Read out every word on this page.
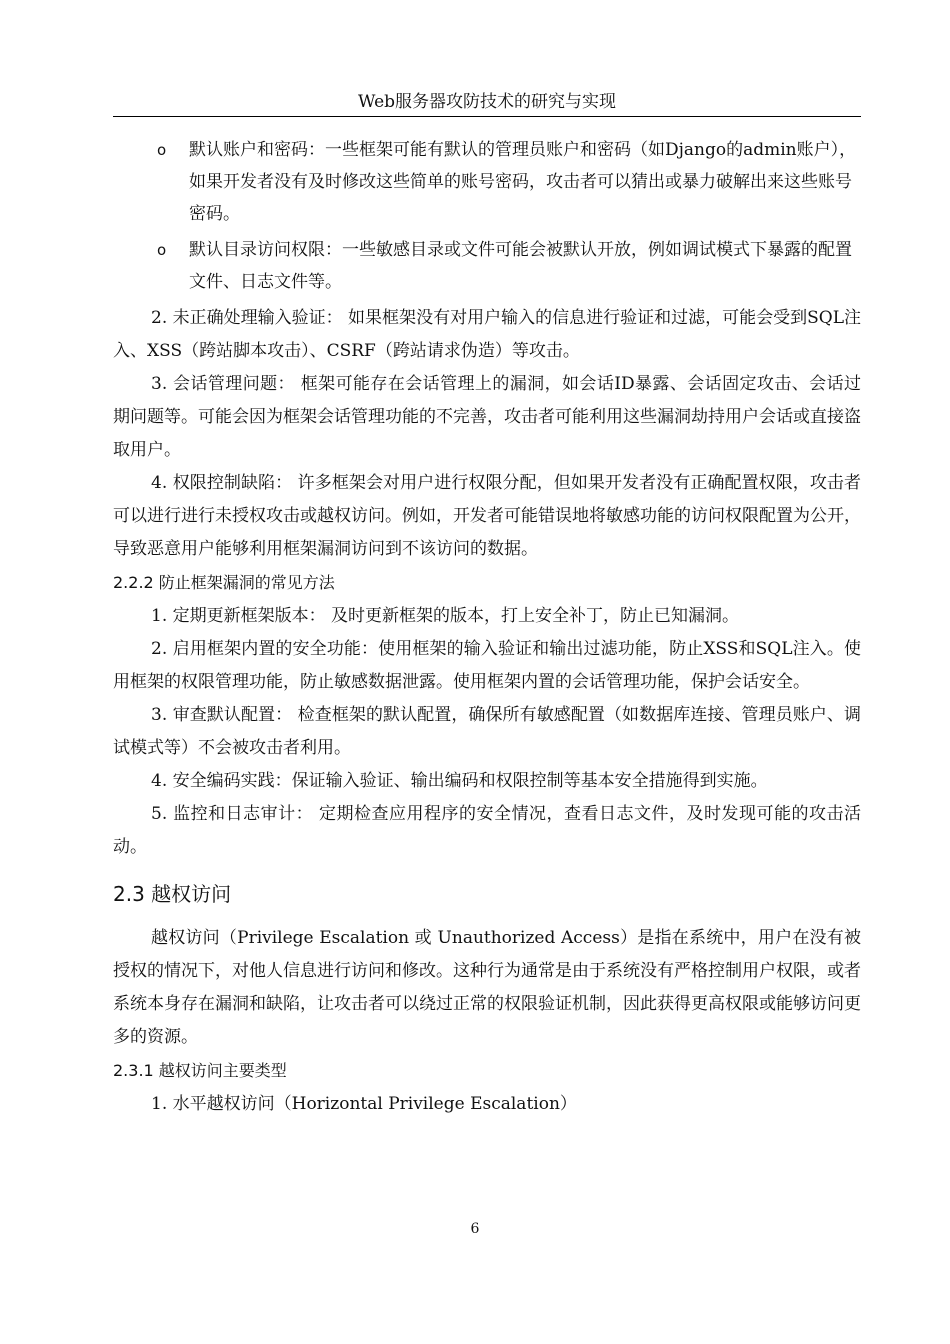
Web服务器攻防技术的研究与实现
o 默认账户和密码：一些框架可能有默认的管理员账户和密码（如Django的admin账户），如果开发者没有及时修改这些简单的账号密码，攻击者可以猜出或暴力破解出来这些账号密码。
o 默认目录访问权限：一些敏感目录或文件可能会被默认开放，例如调试模式下暴露的配置文件、日志文件等。

2. 未正确处理输入验证： 如果框架没有对用户输入的信息进行验证和过滤，可能会受到SQL注入、XSS（跨站脚本攻击）、CSRF（跨站请求伪造）等攻击。

3. 会话管理问题： 框架可能存在会话管理上的漏洞，如会话ID暴露、会话固定攻击、会话过期问题等。可能会因为框架会话管理功能的不完善，攻击者可能利用这些漏洞劫持用户会话或直接盗取用户。

4. 权限控制缺陷： 许多框架会对用户进行权限分配，但如果开发者没有正确配置权限，攻击者可以进行进行未授权攻击或越权访问。例如，开发者可能错误地将敏感功能的访问权限配置为公开，导致恶意用户能够利用框架漏洞访问到不该访问的数据。

2.2.2 防止框架漏洞的常见方法

1. 定期更新框架版本： 及时更新框架的版本，打上安全补丁，防止已知漏洞。

2. 启用框架内置的安全功能：使用框架的输入验证和输出过滤功能，防止XSS和SQL注入。使用框架的权限管理功能，防止敏感数据泄露。使用框架内置的会话管理功能，保护会话安全。

3. 审查默认配置： 检查框架的默认配置，确保所有敏感配置（如数据库连接、管理员账户、调试模式等）不会被攻击者利用。

4. 安全编码实践：保证输入验证、输出编码和权限控制等基本安全措施得到实施。

5. 监控和日志审计： 定期检查应用程序的安全情况，查看日志文件，及时发现可能的攻击活动。

2.3 越权访问

越权访问（Privilege Escalation 或 Unauthorized Access）是指在系统中，用户在没有被授权的情况下，对他人信息进行访问和修改。这种行为通常是由于系统没有严格控制用户权限，或者系统本身存在漏洞和缺陷，让攻击者可以绕过正常的权限验证机制，因此获得更高权限或能够访问更多的资源。

2.3.1 越权访问主要类型

1. 水平越权访问（Horizontal Privilege Escalation）

6
